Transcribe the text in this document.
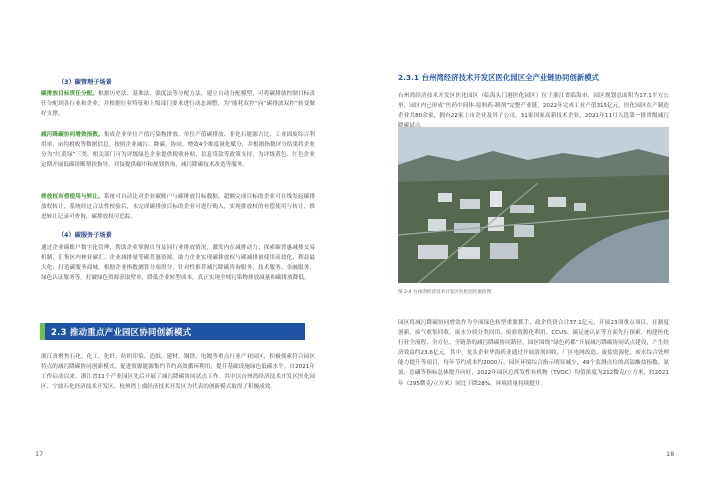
（3）碳管理子场景

碳排放目标责任分配。根据历史法、基准法、强度法等分配方法，建立自动分配模型，可将碳排放控制目标责任分配到各行业和企业，并根据行业特征和上级部门要求进行动态调整，为“能耗双控”向“碳排放双控”转变做好支撑。

减污降碳协同增效指数。集成企业单位产值污染物排放、单位产值碳排放、非化石能源占比、工业固废综合利用率、亩均税收等数据信息，按照企业减污、降碳、协同、增效4个维度量化赋分，并根据指数评分结果将企业分为“红黄绿”三类。相关部门可为评级绿色企业提供税收补贴、信息贷款等政策支持，为评级黄色、红色企业定期开展低碳诊断帮扶指导，对接提供碳中和规划咨询、减污降碳技术改造等服务。

排放权有偿使用与转让。系统可自动比对企业碳账户与碳排放目标数据，超额完成目标的企业可在线发起碳排放权转让，系统经过合法性校验后，未完成碳排放目标的企业可进行购入，实现排放权的有偿使用与转让，推进转让记录可查询，碳排放权可追踪。

（4）碳服务子场景

通过企业碳账户数字化管理，帮助企业掌握自身及同行业排放情况，激发内在减排动力；探索碳普惠减排交易机制，汇集区内林业碳汇、企业减排量等碳普惠资源，助力企业实现碳排放权与碳减排量使用高效化、利益最大化；打造碳服务商城，根据企业指数测算分项得分，针对性推荐减污降碳咨询服务、技术服务、金融服务、绿色认证服务等，打破绿色资源获取壁垒，降低企业转型成本，真正实现全域污染物排放减量和碳排放降低。

2.3 推动重点产业园区协同创新模式

浙江省聚焦石化、化工、化纤、纺织印染、造纸、建材、钢铁、电镀等重点行业产业园区，积极探索符合园区特点的减污降碳协同创新模式。促进资源能源集约节约高效循环利用，提升基础设施绿色低碳水平。自2021年工作启动以来，浙江省11个产业园区先后开展了减污降碳协同试点工作。其中以台州湾经济技术开发区医化园区、宁波石化经济技术开发区、杭州湾上虞经济技术开发区为代表的创新模式取得了积极成效。

17
2.3.1 台州湾经济技术开发区医化园区全产业链协同创新模式

台州湾经济技术开发区医化园区（临海头门港医化园区）位于浙江省临海市，园区规划总面积为17.1平方公里，园区内已形成“医药中间体-原料药-制剂”完整产业链，2022年完成工业产值315亿元，医化园区在产制造企业共80余家，拥有22家上市企业及其子公司，31家国家高新技术企业，2021年11月入选第一批省级减污

图 2-4 台州湾经济技术开发区医化园区航拍图

园区将减污降碳协同增效作为全面绿色转型重要抓手，政企投资合计37.1亿元，开展23项重点项目，在制度创新、废气收集回收、废水分质分类回用、废盐资源化利用、CCUS、碳足迹认证等方面先行探索，构建医化行业全流程、全方位、全链条的减污降碳协同路径，园区围绕“绿色药都”开展减污降碳协同试点建设，产生经济效益约23.6亿元。其中，龙头企业华海药业通过开展溶剂回收、厂区电网改造、废盐资源化、废水综合处理能力提升等项目，每年节约成本约2000万。园区环境综合指示明显减少，49个监测点位的高锰酸盐指数、氨氮、总磷等指标总体提升向好，2022年园区总挥发性有机物（TVOC）均值浓度为212微克/立方米，较2021年（295微克/立方米）同比下降28%，环境质量持续提升。

18
